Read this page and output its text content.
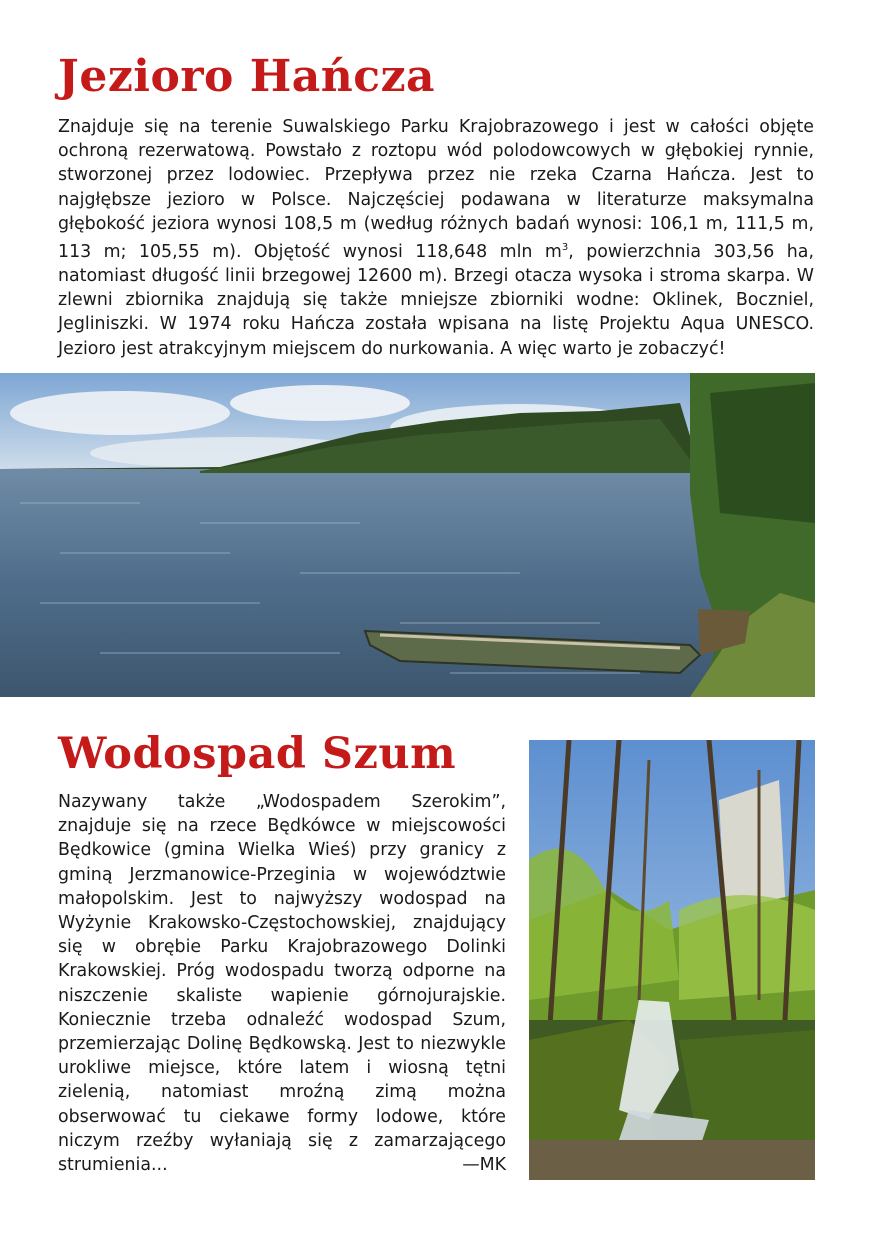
Jezioro Hańcza

Znajduje się na terenie Suwalskiego Parku Krajobrazowego i jest w całości objęte ochroną rezerwatową. Powstało z roztopu wód polodowcowych w głębokiej rynnie, stworzonej przez lodowiec. Przepływa przez nie rzeka Czarna Hańcza. Jest to najgłębsze jezioro w Polsce. Najczęściej podawana w literaturze maksymalna głębokość jeziora wynosi 108,5 m (według różnych badań wynosi: 106,1 m, 111,5 m, 113 m; 105,55 m). Objętość wynosi 118,648 mln $m^3$, powierzchnia 303,56 ha, natomiast długość linii brzegowej 12600 m). Brzegi otacza wysoka i stroma skarpa. W zlewni zbiornika znajdują się także mniejsze zbiorniki wodne: Oklinek, Boczniel, Jegliniszki. W 1974 roku Hańcza została wpisana na listę Projektu Aqua UNESCO. Jezioro jest atrakcyjnym miejscem do nurkowania. A więc warto je zobaczyć!

Wodospad Szum

Nazywany także „Wodospadem Szerokim”, znajduje się na rzece Będkówce w miejscowości Będkowice (gmina Wielka Wieś) przy granicy z gminą Jerzmanowice-Przeginia w województwie małopolskim. Jest to najwyższy wodospad na Wyżynie Krakowsko-Częstochowskiej, znajdujący się w obrębie Parku Krajobrazowego Dolinki Krakowskiej. Próg wodospadu tworzą odporne na niszczenie skaliste wapienie górnojurajskie. Koniecznie trzeba odnaleźć wodospad Szum, przemierzając Dolinę Będkowską. Jest to niezwykle urokliwe miejsce, które latem i wiosną tętni zielenią, natomiast mroźną zimą można obserwować tu ciekawe formy lodowe, które niczym rzeźby wyłaniają się z zamarzającego strumienia...	—MK
